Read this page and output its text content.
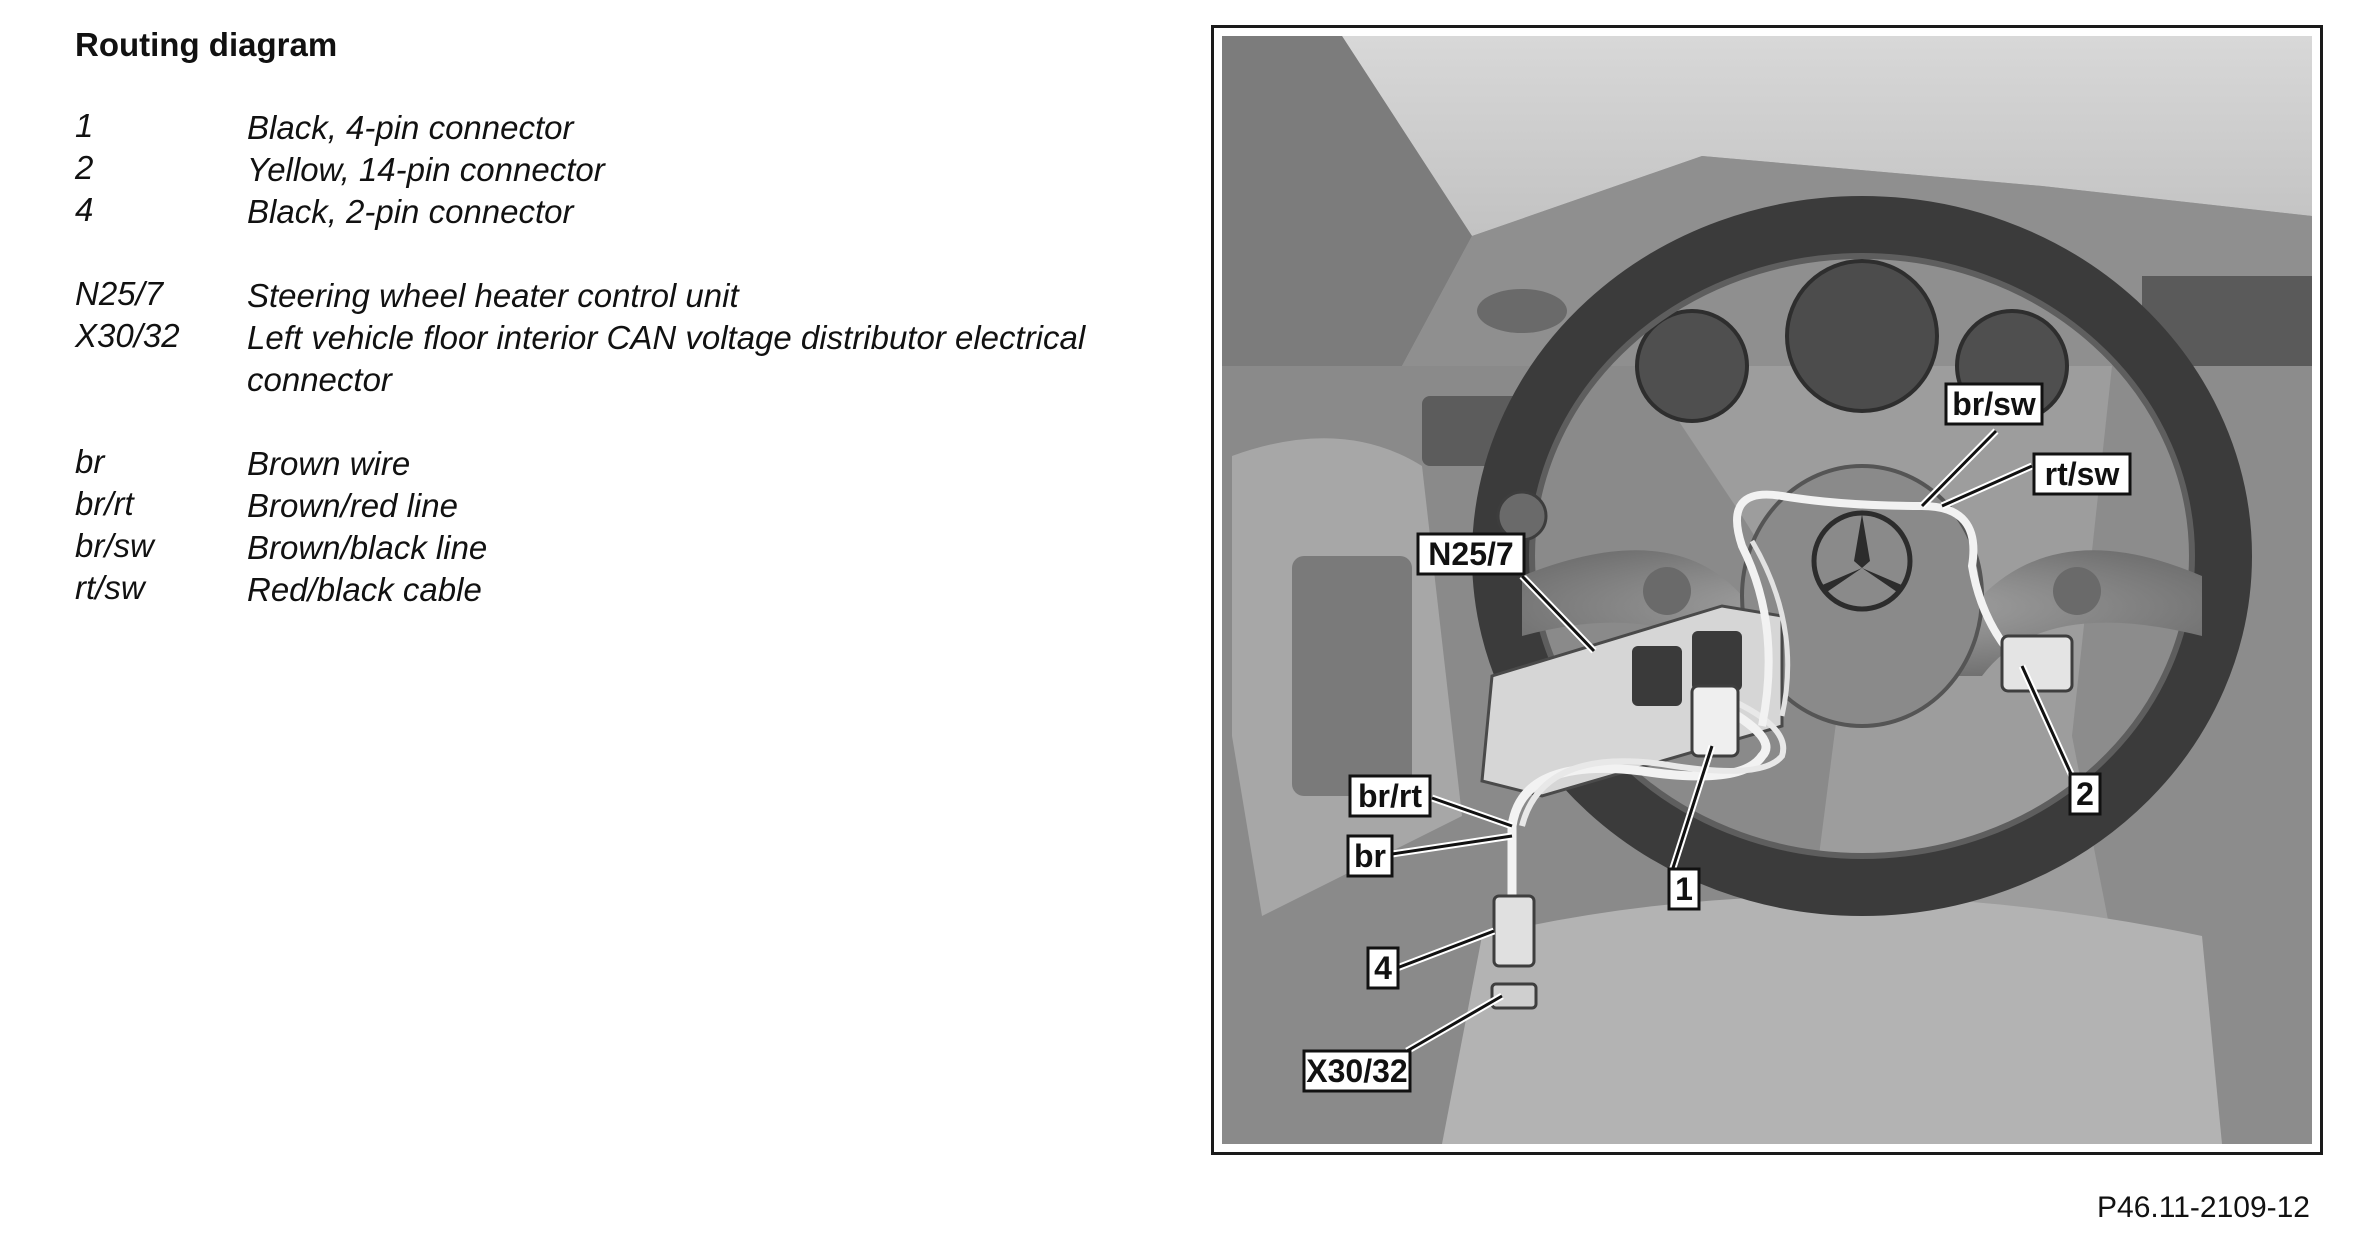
Routing diagram
1	Black, 4-pin connector
2	Yellow, 14-pin connector
4	Black, 2-pin connector
N25/7	Steering wheel heater control unit
X30/32 Left vehicle floor interior CAN voltage distributor electrical connector
br	Brown wire
br/rt	Brown/red line
br/sw	Brown/black line
rt/sw	Red/black cable
br/sw
rt/sw
N25/7
br/rt
br
1
2
4
X30/32
P46.11-2109-12
